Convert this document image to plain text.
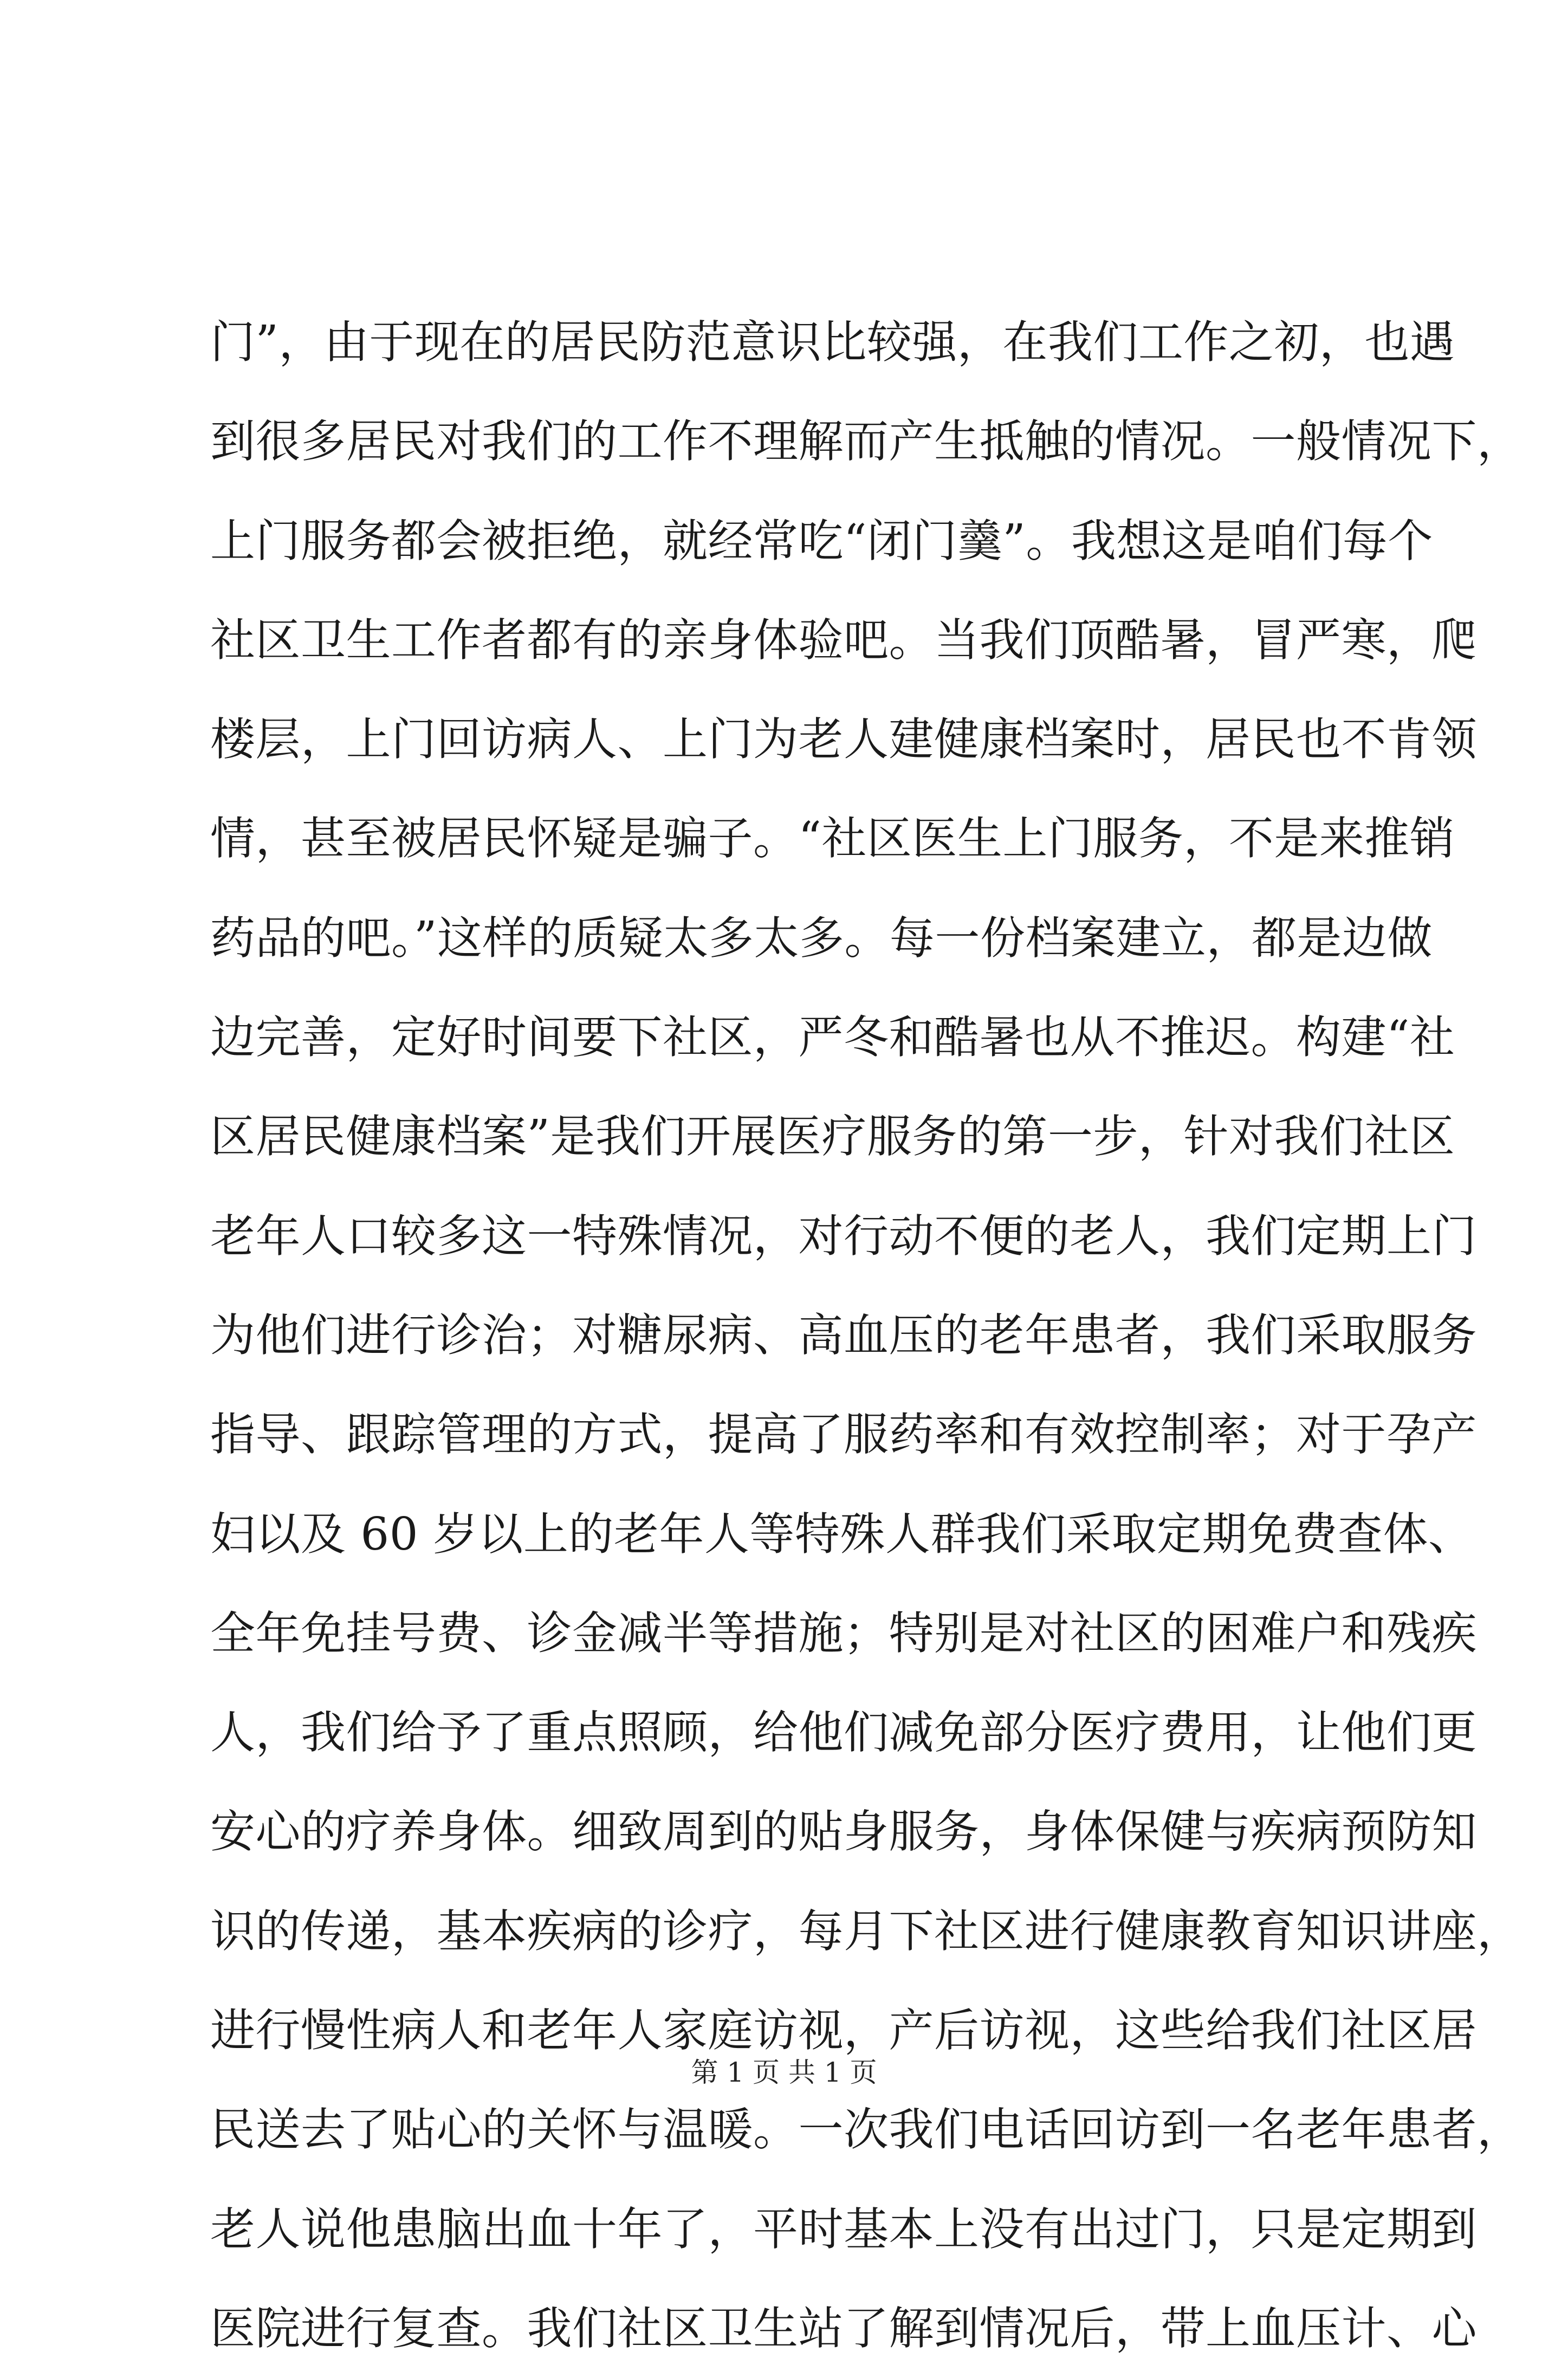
门”，由于现在的居民防范意识比较强，在我们工作之初，也遇
到很多居民对我们的工作不理解而产生抵触的情况。一般情况下，
上门服务都会被拒绝，就经常吃“闭门羹”。我想这是咱们每个
社区卫生工作者都有的亲身体验吧。当我们顶酷暑，冒严寒，爬
楼层，上门回访病人、上门为老人建健康档案时，居民也不肯领
情，甚至被居民怀疑是骗子。“社区医生上门服务，不是来推销
药品的吧。”这样的质疑太多太多。每一份档案建立，都是边做
边完善，定好时间要下社区，严冬和酷暑也从不推迟。构建“社
区居民健康档案”是我们开展医疗服务的第一步，针对我们社区
老年人口较多这一特殊情况，对行动不便的老人，我们定期上门
为他们进行诊治；对糖尿病、高血压的老年患者，我们采取服务
指导、跟踪管理的方式，提高了服药率和有效控制率；对于孕产
妇以及 60 岁以上的老年人等特殊人群我们采取定期免费查体、
全年免挂号费、诊金减半等措施；特别是对社区的困难户和残疾
人，我们给予了重点照顾，给他们减免部分医疗费用，让他们更
安心的疗养身体。细致周到的贴身服务，身体保健与疾病预防知
识的传递，基本疾病的诊疗，每月下社区进行健康教育知识讲座，
进行慢性病人和老年人家庭访视，产后访视，这些给我们社区居
民送去了贴心的关怀与温暖。一次我们电话回访到一名老年患者，
老人说他患脑出血十年了，平时基本上没有出过门，只是定期到
医院进行复查。我们社区卫生站了解到情况后，带上血压计、心
第 1 页 共 1 页
